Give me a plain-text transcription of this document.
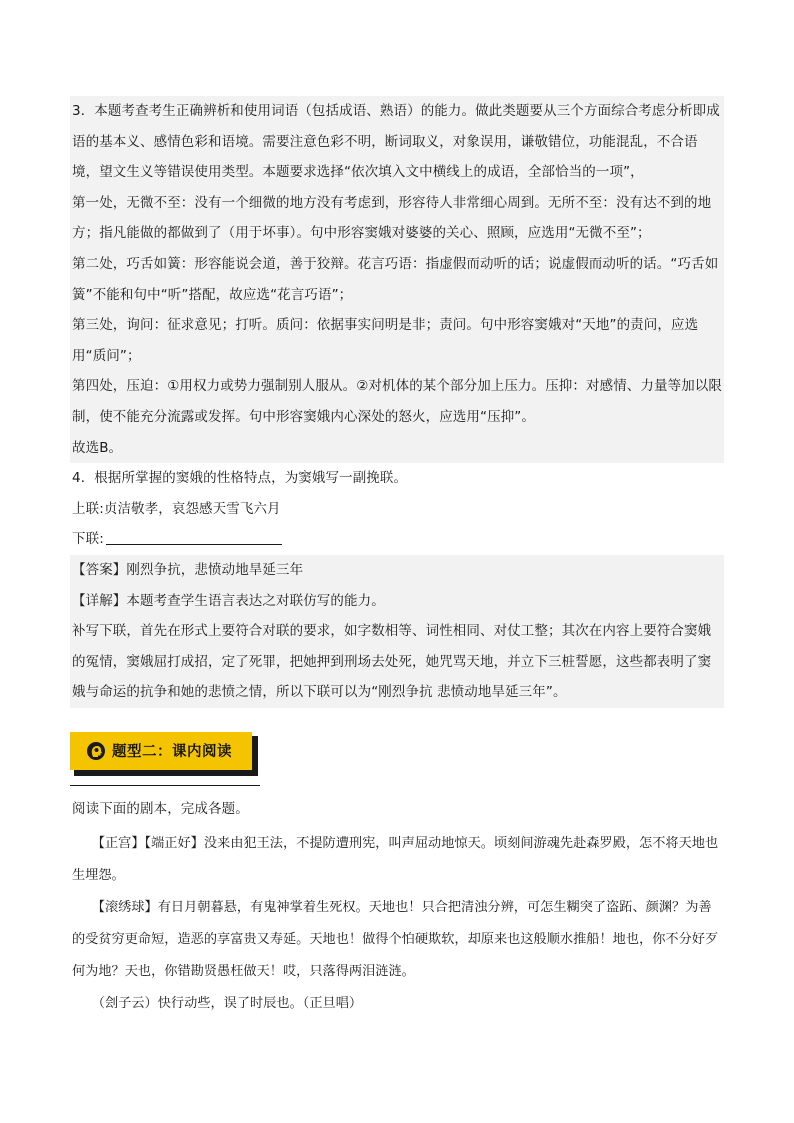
3．本题考查考生正确辨析和使用词语（包括成语、熟语）的能力。做此类题要从三个方面综合考虑分析即成语的基本义、感情色彩和语境。需要注意色彩不明，断词取义，对象误用，谦敬错位，功能混乱，不合语境，望文生义等错误使用类型。本题要求选择“依次填入文中横线上的成语，全部恰当的一项”，

第一处，无微不至：没有一个细微的地方没有考虑到，形容待人非常细心周到。无所不至：没有达不到的地方；指凡能做的都做到了（用于坏事）。句中形容窦娥对婆婆的关心、照顾，应选用“无微不至”；

第二处，巧舌如簧：形容能说会道，善于狡辩。花言巧语：指虚假而动听的话；说虚假而动听的话。“巧舌如簧”不能和句中“听”搭配，故应选“花言巧语”；

第三处，询问：征求意见；打听。质问：依据事实问明是非；责问。句中形容窦娥对“天地”的责问，应选用“质问”；

第四处，压迫：①用权力或势力强制别人服从。②对机体的某个部分加上压力。压抑：对感情、力量等加以限制，使不能充分流露或发挥。句中形容窦娥内心深处的怒火，应选用“压抑”。

故选B。

4．根据所掌握的窦娥的性格特点，为窦娥写一副挽联。

上联:贞洁敬孝，哀怨感天雪飞六月

下联:

【答案】刚烈争抗，悲愤动地旱延三年

【详解】本题考查学生语言表达之对联仿写的能力。

补写下联，首先在形式上要符合对联的要求，如字数相等、词性相同、对仗工整；其次在内容上要符合窦娥的冤情，窦娥屈打成招，定了死罪，把她押到刑场去处死，她咒骂天地，并立下三桩誓愿，这些都表明了窦娥与命运的抗争和她的悲愤之情，所以下联可以为“刚烈争抗 悲愤动地旱延三年”。

题型二：课内阅读

阅读下面的剧本，完成各题。

　　【正宫】【端正好】没来由犯王法，不提防遭刑宪，叫声屈动地惊天。顷刻间游魂先赴森罗殿，怎不将天地也生埋怨。

　　【滚绣球】有日月朝暮悬，有鬼神掌着生死权。天地也！只合把清浊分辨，可怎生糊突了盗跖、颜渊？为善的受贫穷更命短，造恶的享富贵又寿延。天地也！做得个怕硬欺软，却原来也这般顺水推船！地也，你不分好歹何为地？天也，你错勘贤愚枉做天！哎，只落得两泪涟涟。

　　（刽子云）快行动些，误了时辰也。（正旦唱）
